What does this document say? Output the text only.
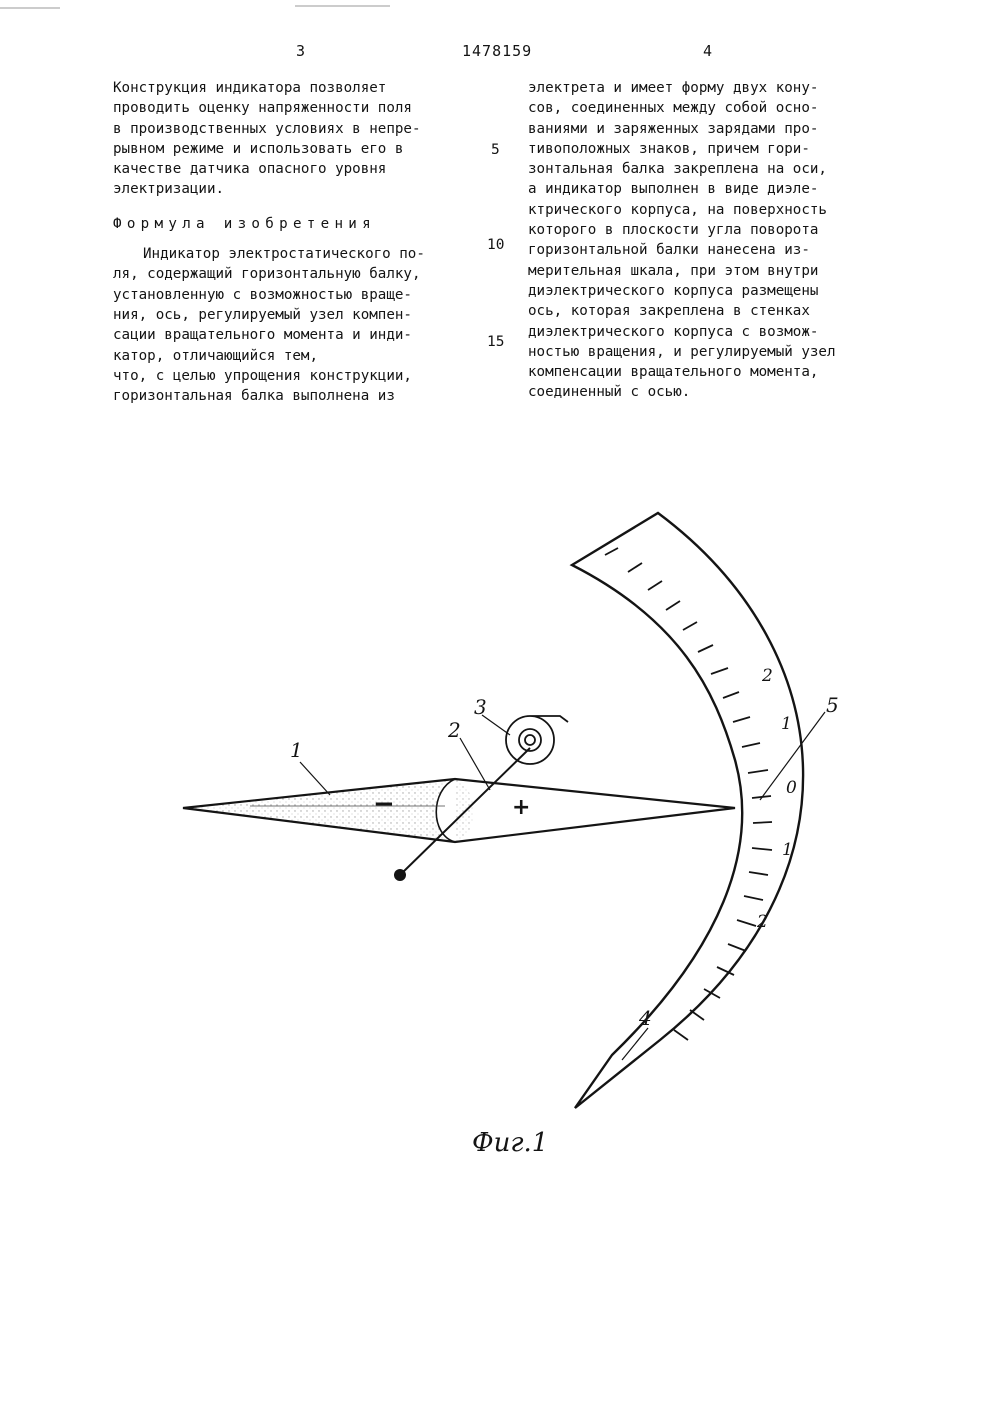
3	1478159	4
Конструкция индикатора позволяет
проводить оценку напряженности поля
в производственных условиях в непре-
рывном режиме и использовать его в
качестве датчика опасного уровня
электризации.
Формула изобретения
Индикатор электростатического по-
ля, содержащий горизонтальную балку,
установленную с возможностью враще-
ния, ось, регулируемый узел компен-
сации вращательного момента и инди-
катор, отличающийся тем,
что, с целью упрощения конструкции,
горизонтальная балка выполнена из
5
10
15
электрета и имеет форму двух кону-
сов, соединенных между собой осно-
ваниями и заряженных зарядами про-
тивоположных знаков, причем гори-
зонтальная балка закреплена на оси,
а индикатор выполнен в виде диэле-
ктрического корпуса, на поверхность
которого в плоскости угла поворота
горизонтальной балки нанесена из-
мерительная шкала, при этом внутри
диэлектрического корпуса размещены
ось, которая закреплена в стенках
диэлектрического корпуса с возмож-
ностью вращения, и регулируемый узел
компенсации вращательного момента,
соединенный с осью.
1
2
3
4
5
−	+
2
1
0
1
2
Фиг.1
